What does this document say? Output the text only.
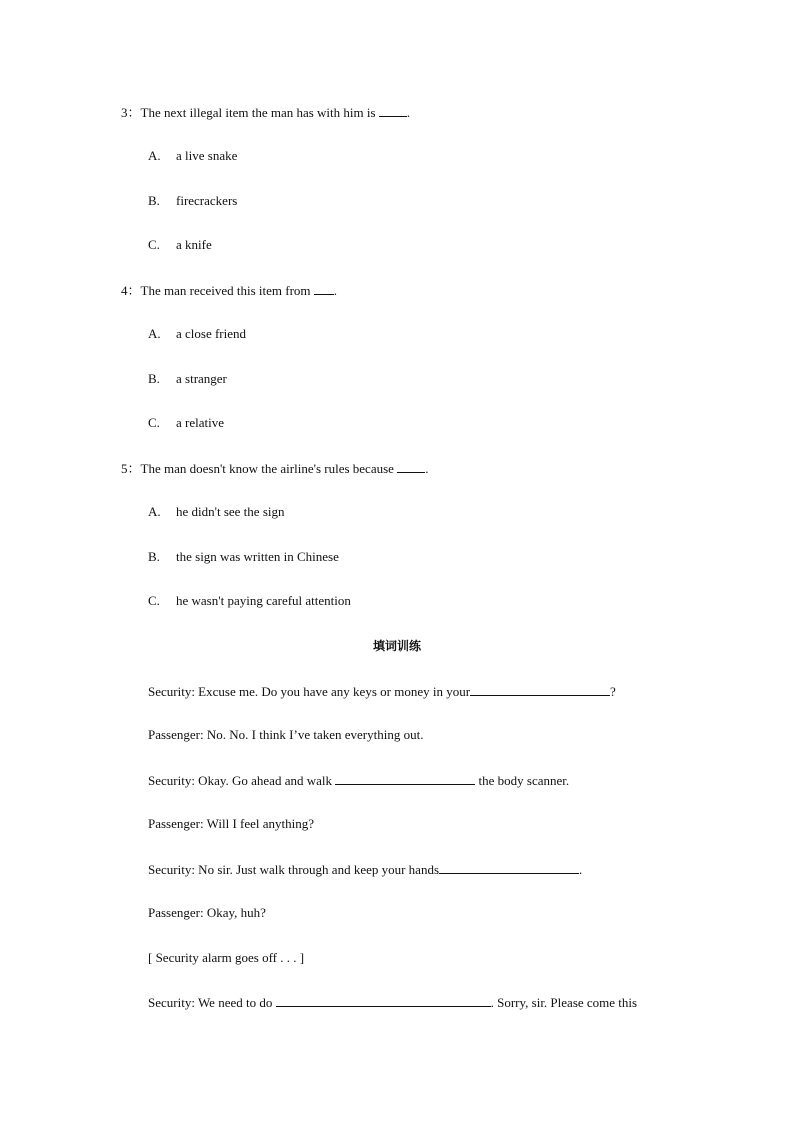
3：The next illegal item the man has with him is .
A. a live snake
B. firecrackers
C. a knife
4：The man received this item from .
A. a close friend
B. a stranger
C. a relative
5：The man doesn't know the airline's rules because .
A. he didn't see the sign
B. the sign was written in Chinese
C. he wasn't paying careful attention
填词训练
Security: Excuse me. Do you have any keys or money in your	?
Passenger: No. No. I think I’ve taken everything out.
Security: Okay. Go ahead and walk	the body scanner.
Passenger: Will I feel anything?
Security: No sir. Just walk through and keep your hands	.
Passenger: Okay, huh?
[ Security alarm goes off . . . ]
Security: We need to do	. Sorry, sir. Please come this
